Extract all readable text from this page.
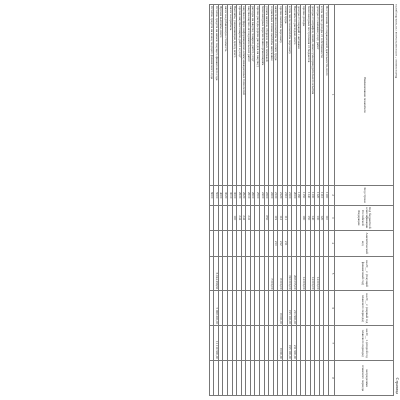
Страница
Наименование показателя	Код строки	Код бюджетной классификации Российской Федерации	Аналитический код	на 20__ г. (текущий финансовый год)	на 20__ г. (первый год планового периода)	на 20__ г. (второй год планового периода)	за пределами планового периода
1	2	3	4	5	6	7	8
Поступления от операционной деятельности, всего	1100	110					
в том числе: доходы от собственности	1110	120					
доходы от оказания услуг, работ	1120	130		14 000,00			
доходы от штрафов, пеней, иных сумм принудительного изъятия	1130	140		14 000,00			
безвозмездные поступления от бюджетов	1140	150					
прочие доходы	1150	180		14 000,00			
доходы от операций с активами	1160						
Выплаты по расходам, всего	2000			208 055,00	211 900,00	211 900,00	
в том числе: на выплаты персоналу	2100			193 000,00	195 100,00	195 100,00	
оплата труда	2110	111	211				
прочие выплаты персоналу	2120	112	212	8 000,00	8 000,00	8 000,00	
начисления на выплаты по оплате труда	2130	119	213				
социальные и иные выплаты населению	2200			7 000,00			
уплата налогов, сборов и иных платежей	2300	850					
безвозмездные перечисления организациям	2400						
прочие расходы (кроме расходов на закупку)	2500						
расходы на закупку товаров, работ, услуг	2600						
закупка научно-исследовательских работ	2610	241					
закупка в сфере информационно-коммуникационных технологий	2620	242					
прочая закупка товаров, работ и услуг	2630	244					
Выплаты, уменьшающие доход, всего	3000	100					
налог на прибыль	3010						
налог на добавленную стоимость	3020						
Прочие выплаты, всего	4000						
Остаток средств на начало текущего финансового года	5000			6 044 299,91	5 968 200,00	11 110 900,00	
Остаток средств на конец текущего финансового года	6000						
Выполнение / исполнительная система Бюджета
